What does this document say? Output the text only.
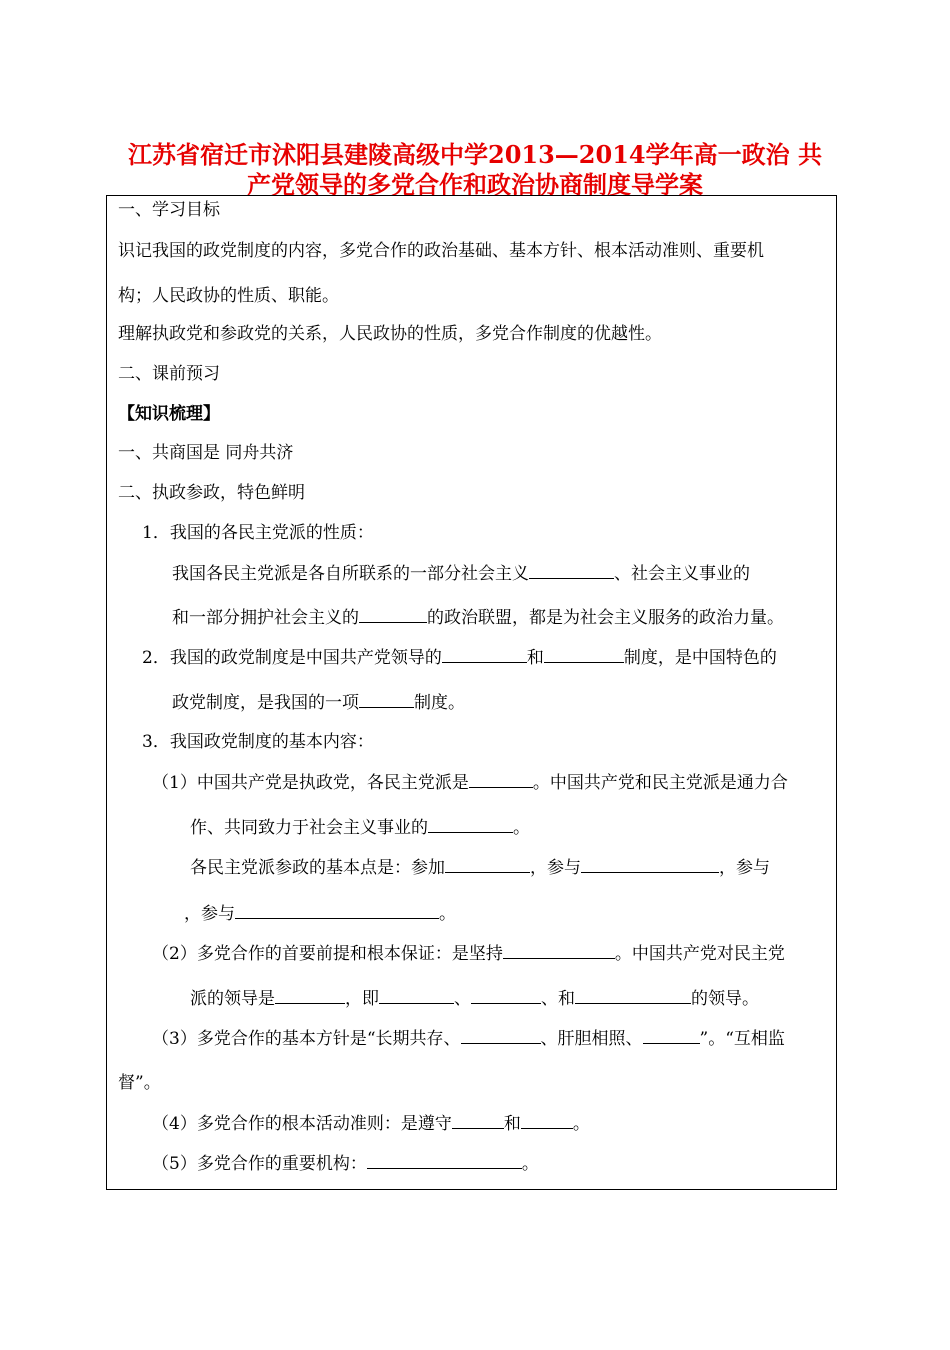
江苏省宿迁市沭阳县建陵高级中学2013—2014学年高一政治 共
产党领导的多党合作和政治协商制度导学案
一、学习目标
识记我国的政党制度的内容，多党合作的政治基础、基本方针、根本活动准则、重要机
构；人民政协的性质、职能。
理解执政党和参政党的关系，人民政协的性质，多党合作制度的优越性。
二、课前预习
【知识梳理】
一、共商国是 同舟共济
二、执政参政，特色鲜明
1．我国的各民主党派的性质：
我国各民主党派是各自所联系的一部分社会主义	、社会主义事业的
和一部分拥护社会主义的	的政治联盟，都是为社会主义服务的政治力量。
2．我国的政党制度是中国共产党领导的	和	制度，是中国特色的
政党制度，是我国的一项	制度。
3．我国政党制度的基本内容：
（1）中国共产党是执政党，各民主党派是	。中国共产党和民主党派是通力合
作、共同致力于社会主义事业的	。
各民主党派参政的基本点是：参加	，参与	，参与
，参与	。
（2）多党合作的首要前提和根本保证：是坚持	。中国共产党对民主党
派的领导是	，即	、	、和	的领导。
（3）多党合作的基本方针是“长期共存、	、肝胆相照、	”。“互相监
督”。
（4）多党合作的根本活动准则：是遵守	和	。
（5）多党合作的重要机构：	。
